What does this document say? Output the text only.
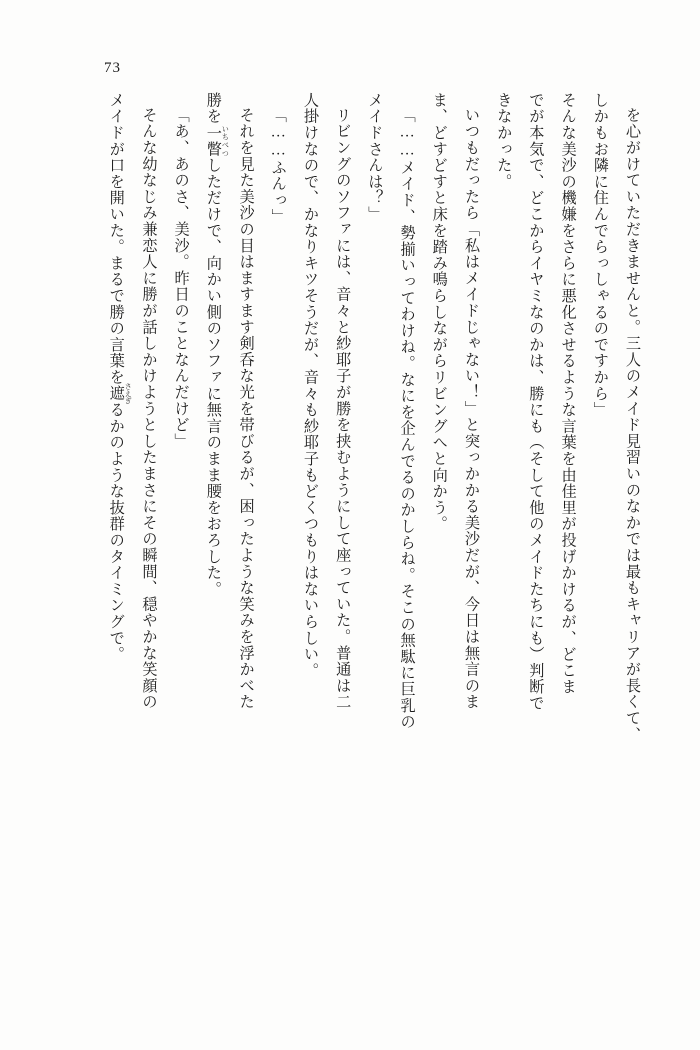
73

を心がけていただきませんと。三人のメイド見習いのなかでは最もキャリアが長くて、

しかもお隣に住んでらっしゃるのですから」

そんな美沙の機嫌をさらに悪化させるような言葉を由佳里が投げかけるが、どこま

でが本気で、どこからイヤミなのかは、勝にも（そして他のメイドたちにも）判断で

きなかった。

いつもだったら「私はメイドじゃない！」と突っかかる美沙だが、今日は無言のま

ま、どすどすと床を踏み鳴らしながらリビングへと向かう。

「……メイド、勢揃いってわけね。なにを企んでるのかしらね。そこの無駄に巨乳の

メイドさんは？」

リビングのソファには、音々と紗耶子が勝を挟むようにして座っていた。普通は二

人掛けなので、かなりキツそうだが、音々も紗耶子もどくつもりはないらしい。

「……ふんっ」

それを見た美沙の目はますます剣呑な光を帯びるが、困ったような笑みを浮かべた

勝を一瞥 いちべつしただけで、向かい側のソファに無言のまま腰をおろした。

「あ、あのさ、美沙。昨日のことなんだけど」

そんな幼なじみ兼恋人に勝が話しかけようとしたまさにその瞬間、穏やかな笑顔の

メイドが口を開いた。まるで勝の言葉を遮 さえぎるかのような抜群のタイミングで。
